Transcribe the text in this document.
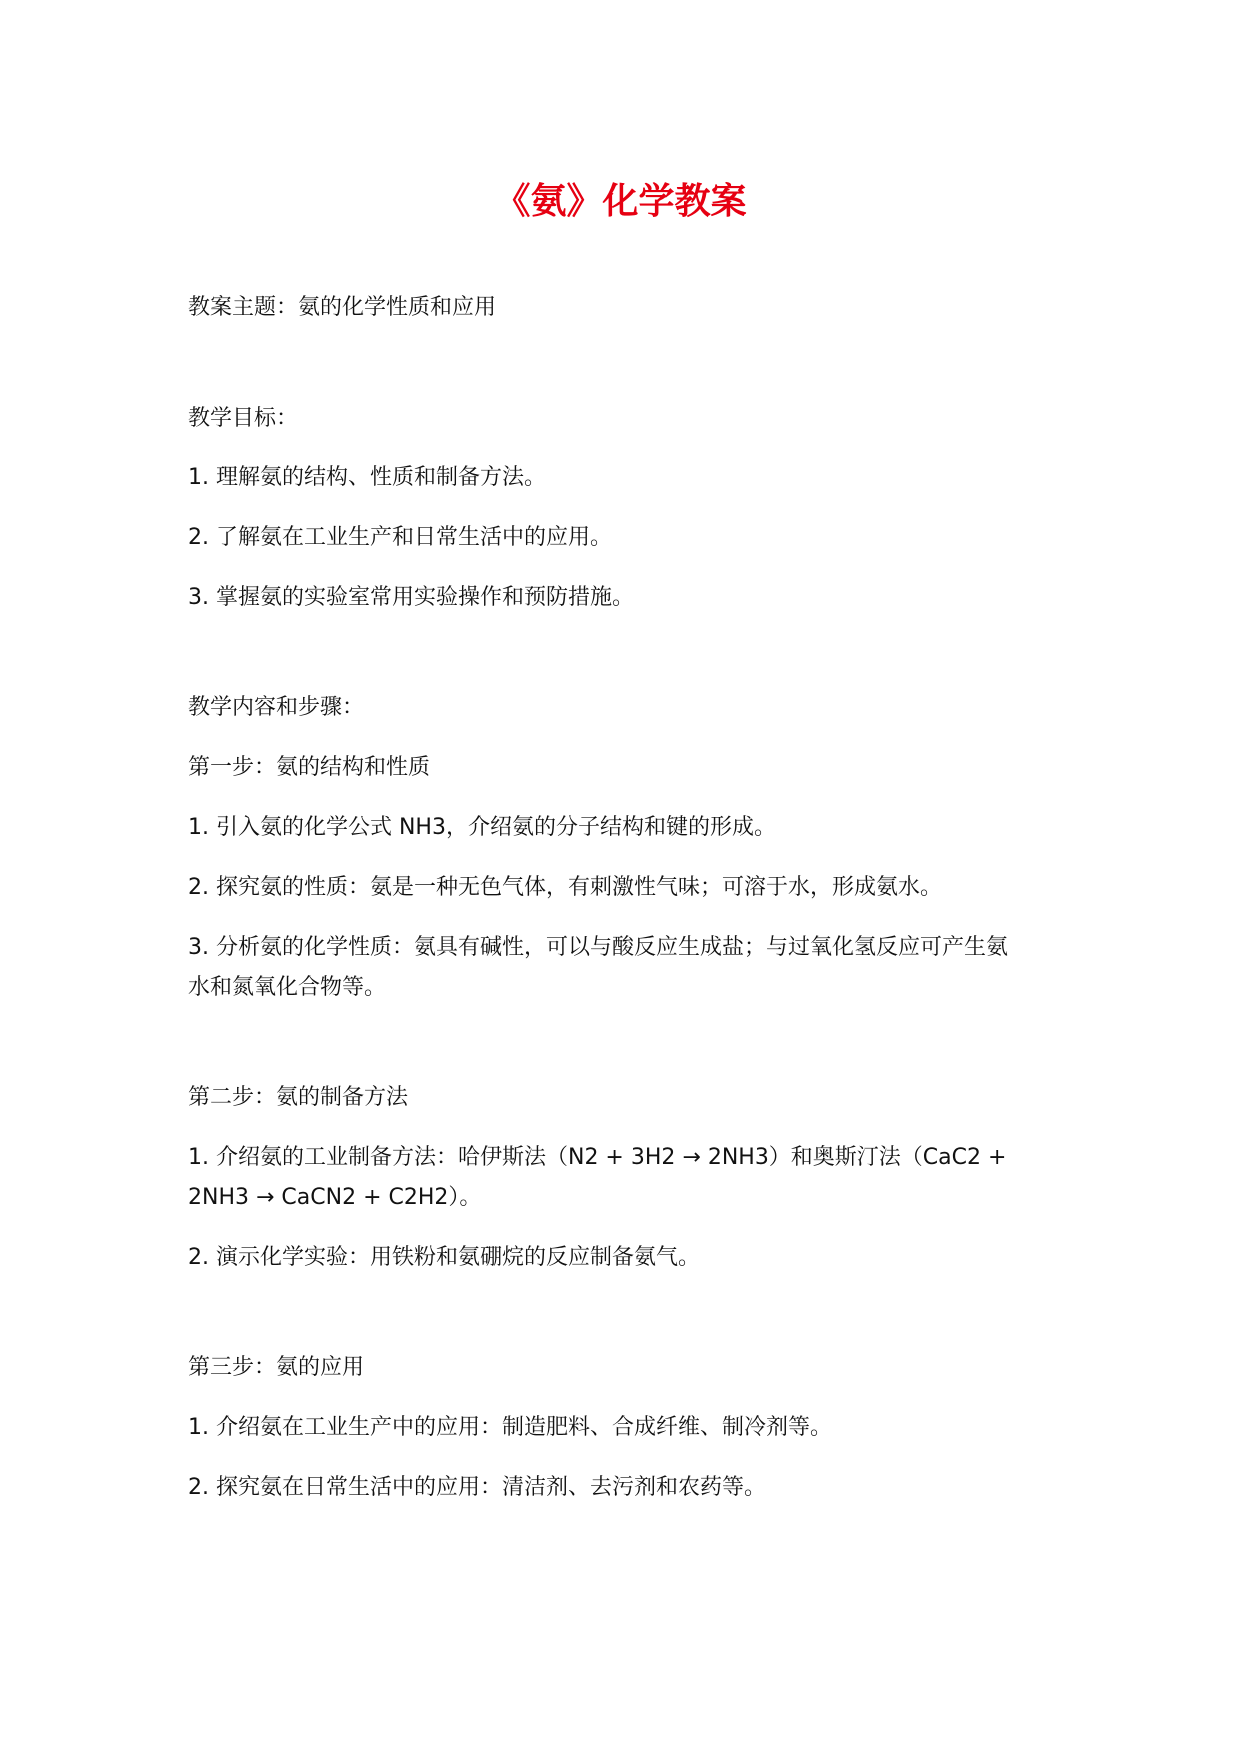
《氨》化学教案

教案主题：氨的化学性质和应用

教学目标：

1. 理解氨的结构、性质和制备方法。

2. 了解氨在工业生产和日常生活中的应用。

3. 掌握氨的实验室常用实验操作和预防措施。

教学内容和步骤：

第一步：氨的结构和性质

1. 引入氨的化学公式 NH3，介绍氨的分子结构和键的形成。

2. 探究氨的性质：氨是一种无色气体，有刺激性气味；可溶于水，形成氨水。

3. 分析氨的化学性质：氨具有碱性，可以与酸反应生成盐；与过氧化氢反应可产生氨

水和氮氧化合物等。

第二步：氨的制备方法

1. 介绍氨的工业制备方法：哈伊斯法（N2 + 3H2 → 2NH3）和奥斯汀法（CaC2 +

2NH3 → CaCN2 + C2H2）。

2. 演示化学实验：用铁粉和氨硼烷的反应制备氨气。

第三步：氨的应用

1. 介绍氨在工业生产中的应用：制造肥料、合成纤维、制冷剂等。

2. 探究氨在日常生活中的应用：清洁剂、去污剂和农药等。
